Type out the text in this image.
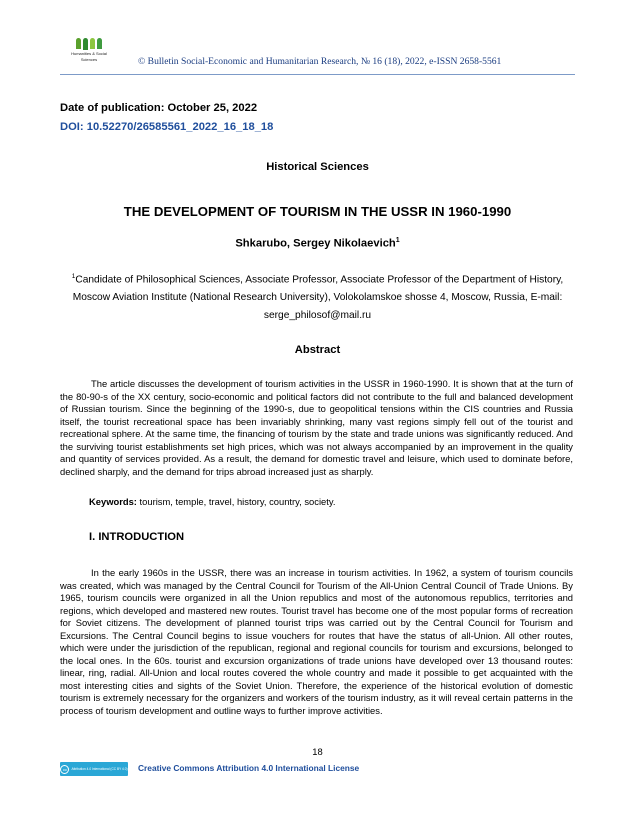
Humanities & Social
Sciences	© Bulletin Social-Economic and Humanitarian Research, № 16 (18), 2022, e-ISSN 2658-5561
Date of publication: October 25, 2022
DOI: 10.52270/26585561_2022_16_18_18
Historical Sciences
THE DEVELOPMENT OF TOURISM IN THE USSR IN 1960-1990
Shkarubo, Sergey Nikolaevich$^1$
$^1$Candidate of Philosophical Sciences, Associate Professor, Associate Professor of the Department of History, Moscow Aviation Institute (National Research University), Volokolamskoe shosse 4, Moscow, Russia, E-mail: serge_philosof@mail.ru
Abstract

The article discusses the development of tourism activities in the USSR in 1960-1990. It is shown that at the turn of the 80-90-s of the XX century, socio-economic and political factors did not contribute to the full and balanced development of Russian tourism. Since the beginning of the 1990-s, due to geopolitical tensions within the CIS countries and Russia itself, the tourist recreational space has been invariably shrinking, many vast regions simply fell out of the tourist and recreational sphere. At the same time, the financing of tourism by the state and trade unions was significantly reduced. And the surviving tourist establishments set high prices, which was not always accompanied by an improvement in the quality and quantity of services provided. As a result, the demand for domestic travel and leisure, which used to dominate before, declined sharply, and the demand for trips abroad increased just as sharply.

Keywords: tourism, temple, travel, history, country, society.
I. INTRODUCTION

In the early 1960s in the USSR, there was an increase in tourism activities. In 1962, a system of tourism councils was created, which was managed by the Central Council for Tourism of the All-Union Central Council of Trade Unions. By 1965, tourism councils were organized in all the Union republics and most of the autonomous republics, territories and regions, which developed and mastered new routes. Tourist travel has become one of the most popular forms of recreation for Soviet citizens. The development of planned tourist trips was carried out by the Central Council for Tourism and Excursions. The Central Council begins to issue vouchers for routes that have the status of all-Union. All other routes, which were under the jurisdiction of the republican, regional and regional councils for tourism and excursions, belonged to the local ones. In the 60s. tourist and excursion organizations of trade unions have developed over 13 thousand routes: linear, ring, radial. All-Union and local routes covered the whole country and made it possible to get acquainted with the most interesting cities and sights of the Soviet Union. Therefore, the experience of the historical evolution of domestic tourism is extremely necessary for the organizers and workers of the tourism industry, as it will reveal certain patterns in the process of tourism development and outline ways to further improve activities.

18
cc	Attribution 4.0 International (CC BY 4.0) Creative Commons Attribution 4.0 International License
